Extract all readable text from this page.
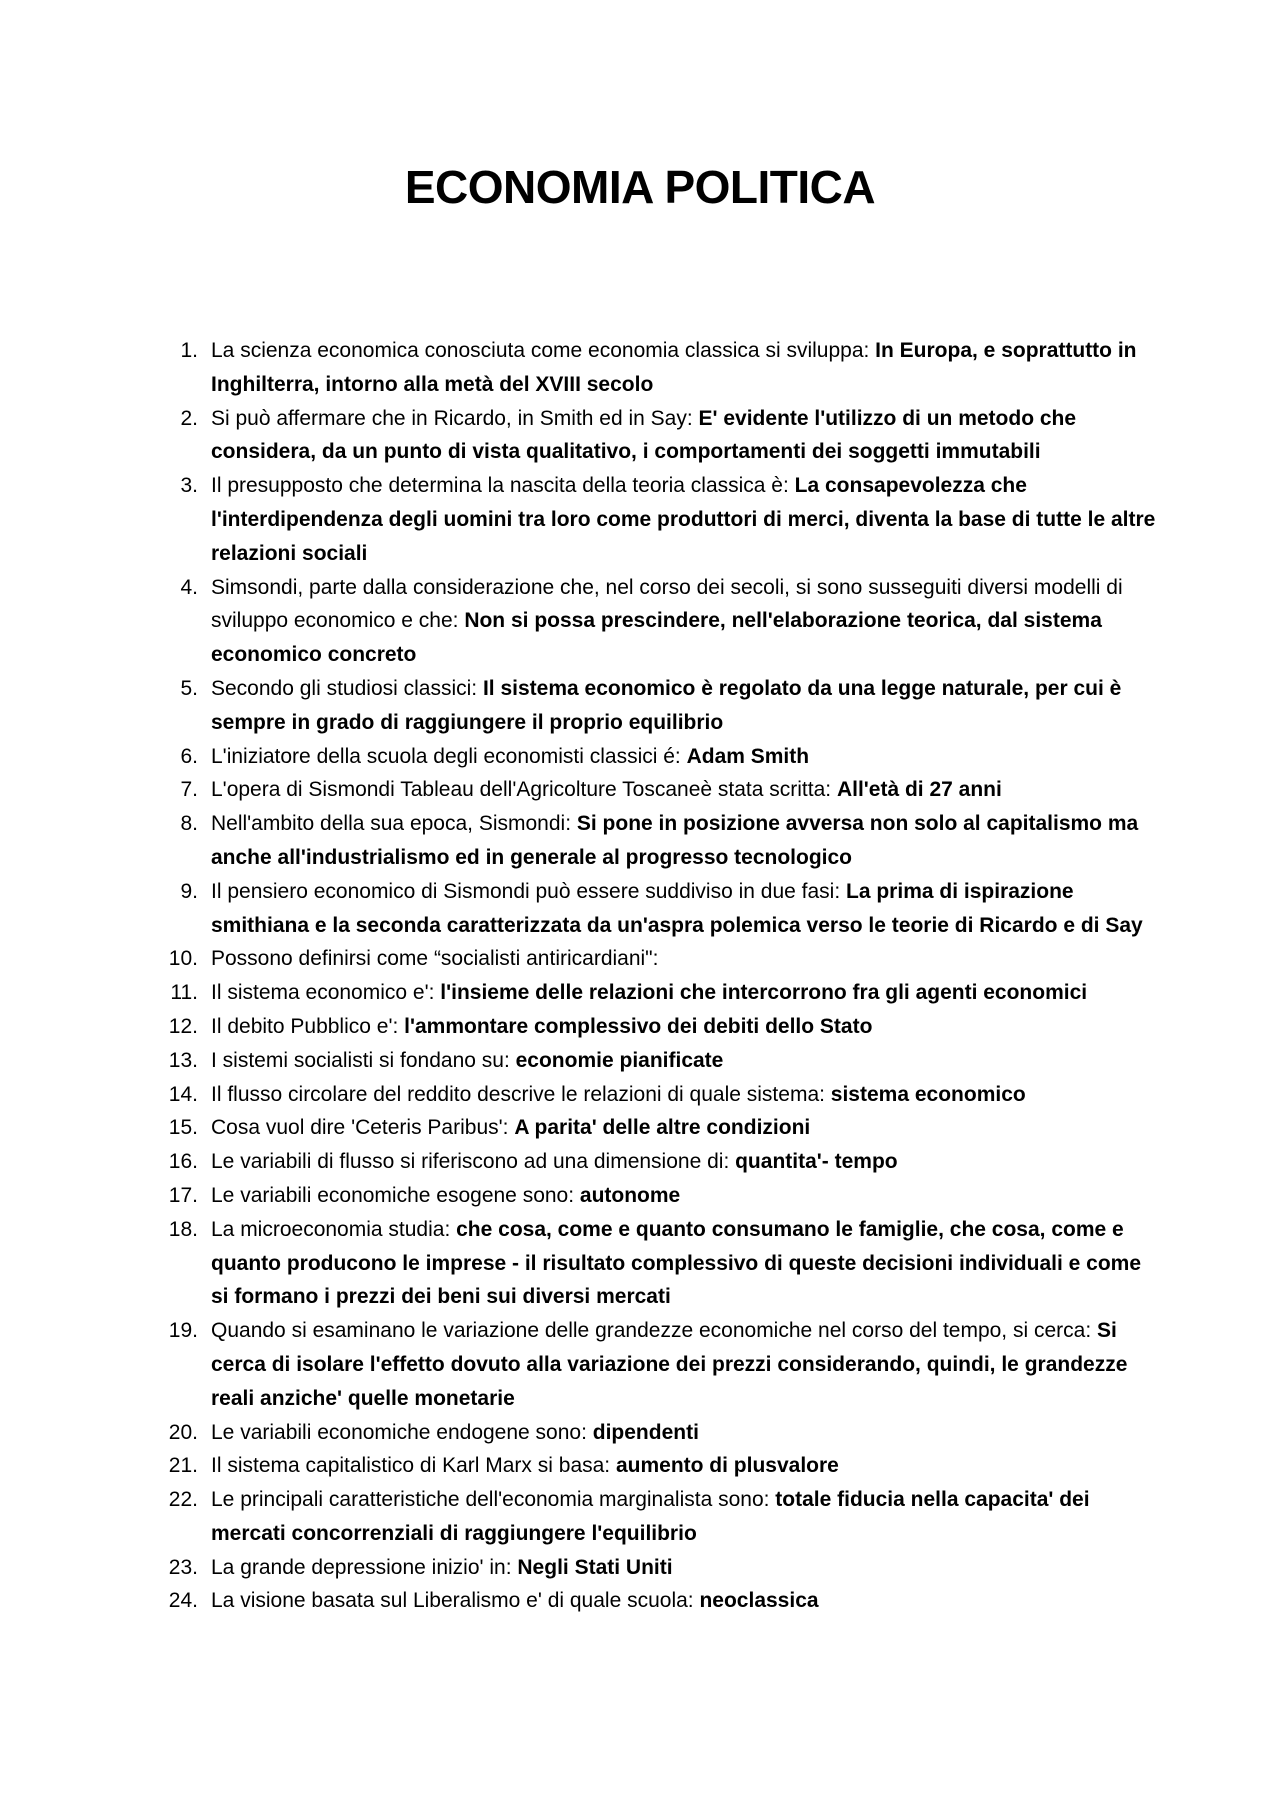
ECONOMIA POLITICA
1. La scienza economica conosciuta come economia classica si sviluppa: In Europa, e soprattutto in Inghilterra, intorno alla metà del XVIII secolo
2. Si può affermare che in Ricardo, in Smith ed in Say: E' evidente l'utilizzo di un metodo che considera, da un punto di vista qualitativo, i comportamenti dei soggetti immutabili
3. Il presupposto che determina la nascita della teoria classica è: La consapevolezza che l'interdipendenza degli uomini tra loro come produttori di merci, diventa la base di tutte le altre relazioni sociali
4. Simsondi, parte dalla considerazione che, nel corso dei secoli, si sono susseguiti diversi modelli di sviluppo economico e che: Non si possa prescindere, nell'elaborazione teorica, dal sistema economico concreto
5. Secondo gli studiosi classici: Il sistema economico è regolato da una legge naturale, per cui è sempre in grado di raggiungere il proprio equilibrio
6. L'iniziatore della scuola degli economisti classici é: Adam Smith
7. L'opera di Sismondi Tableau dell'Agricolture Toscaneè stata scritta: All'età di 27 anni
8. Nell'ambito della sua epoca, Sismondi: Si pone in posizione avversa non solo al capitalismo ma anche all'industrialismo ed in generale al progresso tecnologico
9. Il pensiero economico di Sismondi può essere suddiviso in due fasi: La prima di ispirazione smithiana e la seconda caratterizzata da un'aspra polemica verso le teorie di Ricardo e di Say
10. Possono definirsi come “socialisti antiricardiani":
11. Il sistema economico e': l'insieme delle relazioni che intercorrono fra gli agenti economici
12. Il debito Pubblico e': l'ammontare complessivo dei debiti dello Stato
13. I sistemi socialisti si fondano su: economie pianificate
14. Il flusso circolare del reddito descrive le relazioni di quale sistema: sistema economico
15. Cosa vuol dire 'Ceteris Paribus': A parita' delle altre condizioni
16. Le variabili di flusso si riferiscono ad una dimensione di: quantita'- tempo
17. Le variabili economiche esogene sono: autonome
18. La microeconomia studia: che cosa, come e quanto consumano le famiglie, che cosa, come e quanto producono le imprese - il risultato complessivo di queste decisioni individuali e come si formano i prezzi dei beni sui diversi mercati
19. Quando si esaminano le variazione delle grandezze economiche nel corso del tempo, si cerca: Si cerca di isolare l'effetto dovuto alla variazione dei prezzi considerando, quindi, le grandezze reali anziche' quelle monetarie
20. Le variabili economiche endogene sono: dipendenti
21. Il sistema capitalistico di Karl Marx si basa: aumento di plusvalore
22. Le principali caratteristiche dell'economia marginalista sono: totale fiducia nella capacita' dei mercati concorrenziali di raggiungere l'equilibrio
23. La grande depressione inizio' in: Negli Stati Uniti
24. La visione basata sul Liberalismo e' di quale scuola: neoclassica
